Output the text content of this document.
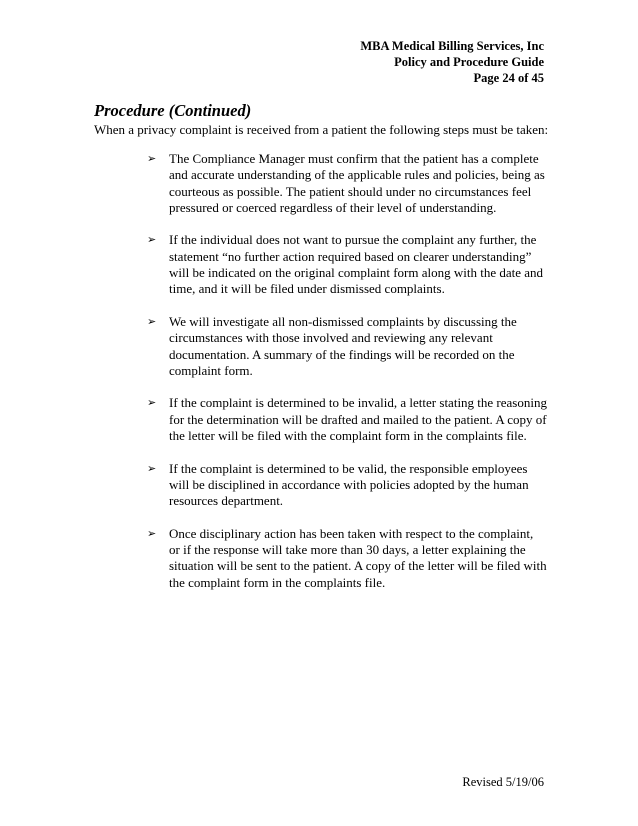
MBA Medical Billing Services, Inc
Policy and Procedure Guide
Page 24 of 45
Procedure (Continued)
When a privacy complaint is received from a patient the following steps must be taken:
➢ The Compliance Manager must confirm that the patient has a complete and accurate understanding of the applicable rules and policies, being as courteous as possible. The patient should under no circumstances feel pressured or coerced regardless of their level of understanding.
➢ If the individual does not want to pursue the complaint any further, the statement “no further action required based on clearer understanding” will be indicated on the original complaint form along with the date and time, and it will be filed under dismissed complaints.
➢ We will investigate all non-dismissed complaints by discussing the circumstances with those involved and reviewing any relevant documentation. A summary of the findings will be recorded on the complaint form.
➢ If the complaint is determined to be invalid, a letter stating the reasoning for the determination will be drafted and mailed to the patient. A copy of the letter will be filed with the complaint form in the complaints file.
➢ If the complaint is determined to be valid, the responsible employees will be disciplined in accordance with policies adopted by the human resources department.
➢ Once disciplinary action has been taken with respect to the complaint, or if the response will take more than 30 days, a letter explaining the situation will be sent to the patient. A copy of the letter will be filed with the complaint form in the complaints file.
Revised 5/19/06
